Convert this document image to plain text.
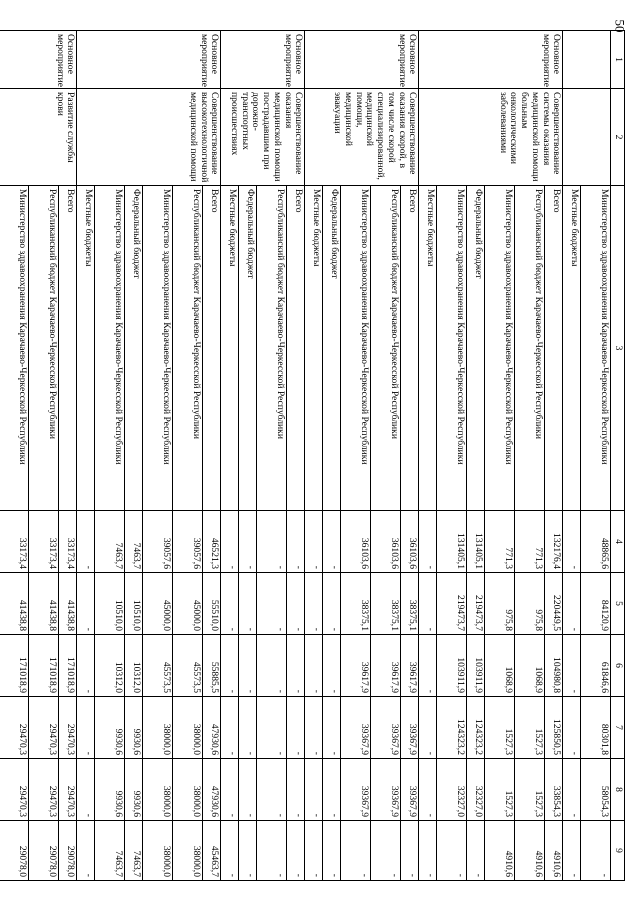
50
1	2	3	4	5	6	7	8	9
		Министерство здравоохранения Карачаево-Черкесской Республики	48865,6	84120,9	61846,6	80301,8	58054,3	-
		Местные бюджеты	-	-	-	-	-	-
Основное мероприятие	Совершенствование системы оказания медицинской помощи больным онкологическими заболеваниями	Всего	132176,4	220449,5	104980,8	125850,5	33854,3	4910,6
		Республиканский бюджет Карачаево-Черкесской Республики	771,3	975,8	1068,9	1527,3	1527,3	4910,6
		Министерство здравоохранения Карачаево-Черкесской Республики	771,3	975,8	1068,9	1527,3	1527,3	4910,6
		Федеральный бюджет	131405,1	219473,7	103911,9	124323,2	32327,0	-
		Министерство здравоохранения Карачаево-Черкесской Республики	131405,1	219473,7	103911,9	124323,2	32327,0	-
		Местные бюджеты	-	-	-	-	-	-
Основное мероприятие	Совершенствование оказания скорой, в том числе скорой специализированной, медицинской помощи, медицинской эвакуации	Всего	36103,6	38375,1	39617,9	39367,9	39367,9	-
		Республиканский бюджет Карачаево-Черкесской Республики	36103,6	38375,1	39617,9	39367,9	39367,9	-
		Министерство здравоохранения Карачаево-Черкесской Республики	36103,6	38375,1	39617,9	39367,9	39367,9	-
		Федеральный бюджет	-	-	-	-	-	-
		Местные бюджеты	-	-	-	-	-	-
Основное мероприятие	Совершенствование оказания медицинской помощи пострадавшим при дорожно-транспортных происшествиях	Всего	-	-	-	-	-	-
		Республиканский бюджет Карачаево-Черкесской Республики	-	-	-	-	-	-
		Федеральный бюджет	-	-	-	-	-	-
		Местные бюджеты	-	-	-	-	-	-
Основное мероприятие	Совершенствование высокотехнологичной медицинской помощи	Всего	46521,3	55510,0	55885,5	47930,6	47930,6	45463,7
		Республиканский бюджет Карачаево-Черкесской Республики	39057,6	45000,0	45573,5	38000,0	38000,0	38000,0
		Министерство здравоохранения Карачаево-Черкесской Республики	39057,6	45000,0	45573,5	38000,0	38000,0	38000,0
		Федеральный бюджет	7463,7	10510,0	10312,0	9930,6	9930,6	7463,7
		Министерство здравоохранения Карачаево-Черкесской Республики	7463,7	10510,0	10312,0	9930,6	9930,6	7463,7
		Местные бюджеты	-	-	-	-	-	-
Основное мероприятие	Развитие службы крови	Всего	33173,4	41438,8	171018,9	29470,3	29470,3	29078,0
		Республиканский бюджет Карачаево-Черкесской Республики	33173,4	41438,8	171018,9	29470,3	29470,3	29078,0
		Министерство здравоохранения Карачаево-Черкесской Республики	33173,4	41438,8	171018,9	29470,3	29470,3	29078,0
